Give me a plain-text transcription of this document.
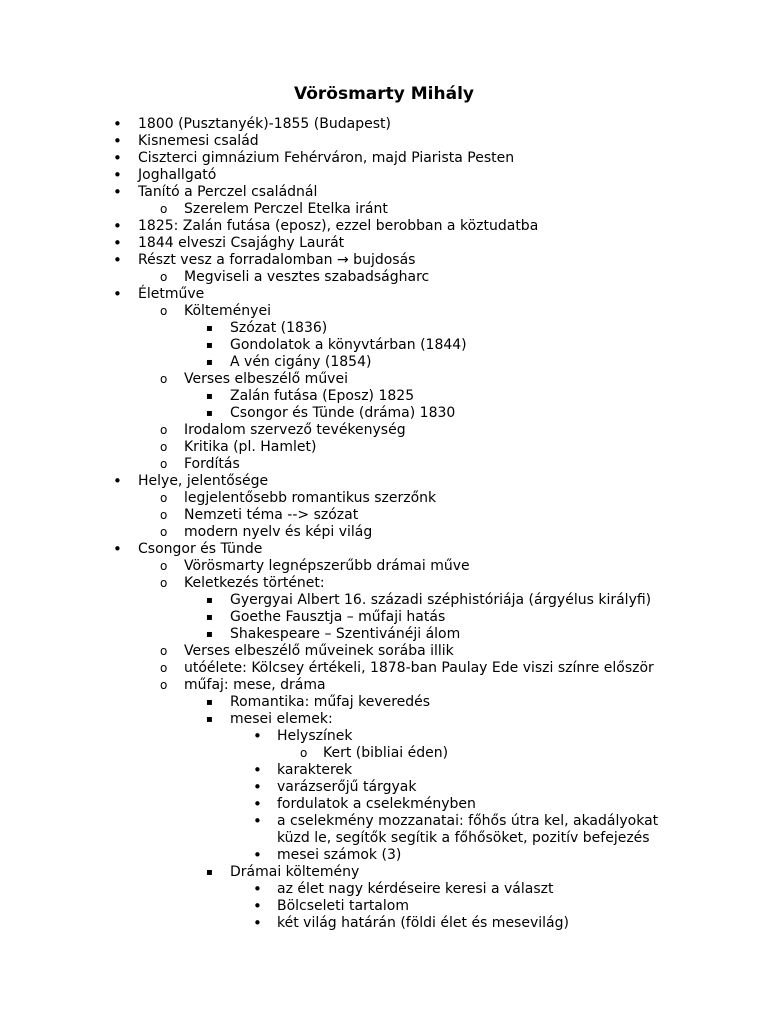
Vörösmarty Mihály
• 1800 (Pusztanyék)-1855 (Budapest)
• Kisnemesi család
• Ciszterci gimnázium Fehérváron, majd Piarista Pesten
• Joghallgató
• Tanító a Perczel családnál
o Szerelem Perczel Etelka iránt
• 1825: Zalán futása (eposz), ezzel berobban a köztudatba
• 1844 elveszi Csajághy Laurát
• Részt vesz a forradalomban → bujdosás
o Megviseli a vesztes szabadságharc
• Életműve
o Költeményei
▪ Szózat (1836)
▪ Gondolatok a könyvtárban (1844)
▪ A vén cigány (1854)
o Verses elbeszélő művei
▪ Zalán futása (Eposz) 1825
▪ Csongor és Tünde (dráma) 1830
o Irodalom szervező tevékenység
o Kritika (pl. Hamlet)
o Fordítás
• Helye, jelentősége
o legjelentősebb romantikus szerzőnk
o Nemzeti téma --> szózat
o modern nyelv és képi világ
• Csongor és Tünde
o Vörösmarty legnépszerűbb drámai műve
o Keletkezés történet:
▪ Gyergyai Albert 16. századi széphistóriája (árgyélus királyfi)
▪ Goethe Fausztja – műfaji hatás
▪ Shakespeare – Szentivánéji álom
o Verses elbeszélő műveinek sorába illik
o utóélete: Kölcsey értékeli, 1878-ban Paulay Ede viszi színre először
o műfaj: mese, dráma
▪ Romantika: műfaj keveredés
▪ mesei elemek:
• Helyszínek
o Kert (bibliai éden)
• karakterek
• varázserőjű tárgyak
• fordulatok a cselekményben
• a cselekmény mozzanatai: főhős útra kel, akadályokat
küzd le, segítők segítik a főhősöket, pozitív befejezés
• mesei számok (3)
▪ Drámai költemény
• az élet nagy kérdéseire keresi a választ
• Bölcseleti tartalom
• két világ határán (földi élet és mesevilág)
